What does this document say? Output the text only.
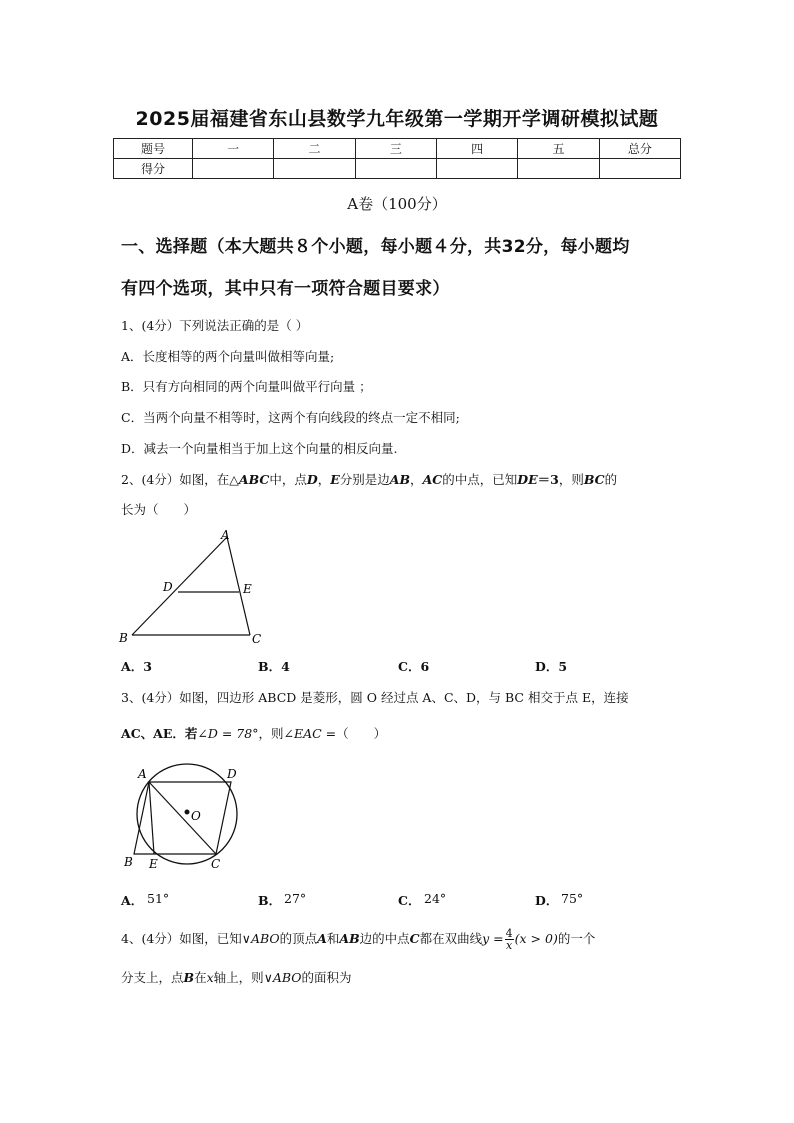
2025届福建省东山县数学九年级第一学期开学调研模拟试题
题号	一	二	三	四	五	总分
得分						
A卷（100分）
一、选择题（本大题共８个小题，每小题４分，共32分，每小题均
有四个选项，其中只有一项符合题目要求）
1、(4分）下列说法正确的是（ ）
A．长度相等的两个向量叫做相等向量;
B．只有方向相同的两个向量叫做平行向量 ；
C．当两个向量不相等时，这两个有向线段的终点一定不相同;
D．减去一个向量相当于加上这个向量的相反向量.
2、(4分）如图，在△ABC中，点D，E分别是边AB，AC的中点，已知DE＝3，则BC的
长为（　　）
A
D	E
B	C
A．3	B．4	C．6	D．5
3、(4分）如图，四边形 ABCD 是菱形，圆 O 经过点 A、C、D，与 BC 相交于点 E，连接
AC、AE．若∠D = 78°，则∠EAC =（　　）
A	D
O
B E	C
A． 51°	B． 27°	C． 24°	D． 75°
4、(4分）如图，已知∨ABO的顶点A和AB边的中点C都在双曲线$y = \frac{4}{x} (x > 0)$的一个
分支上，点B在x轴上，则∨ABO的面积为
